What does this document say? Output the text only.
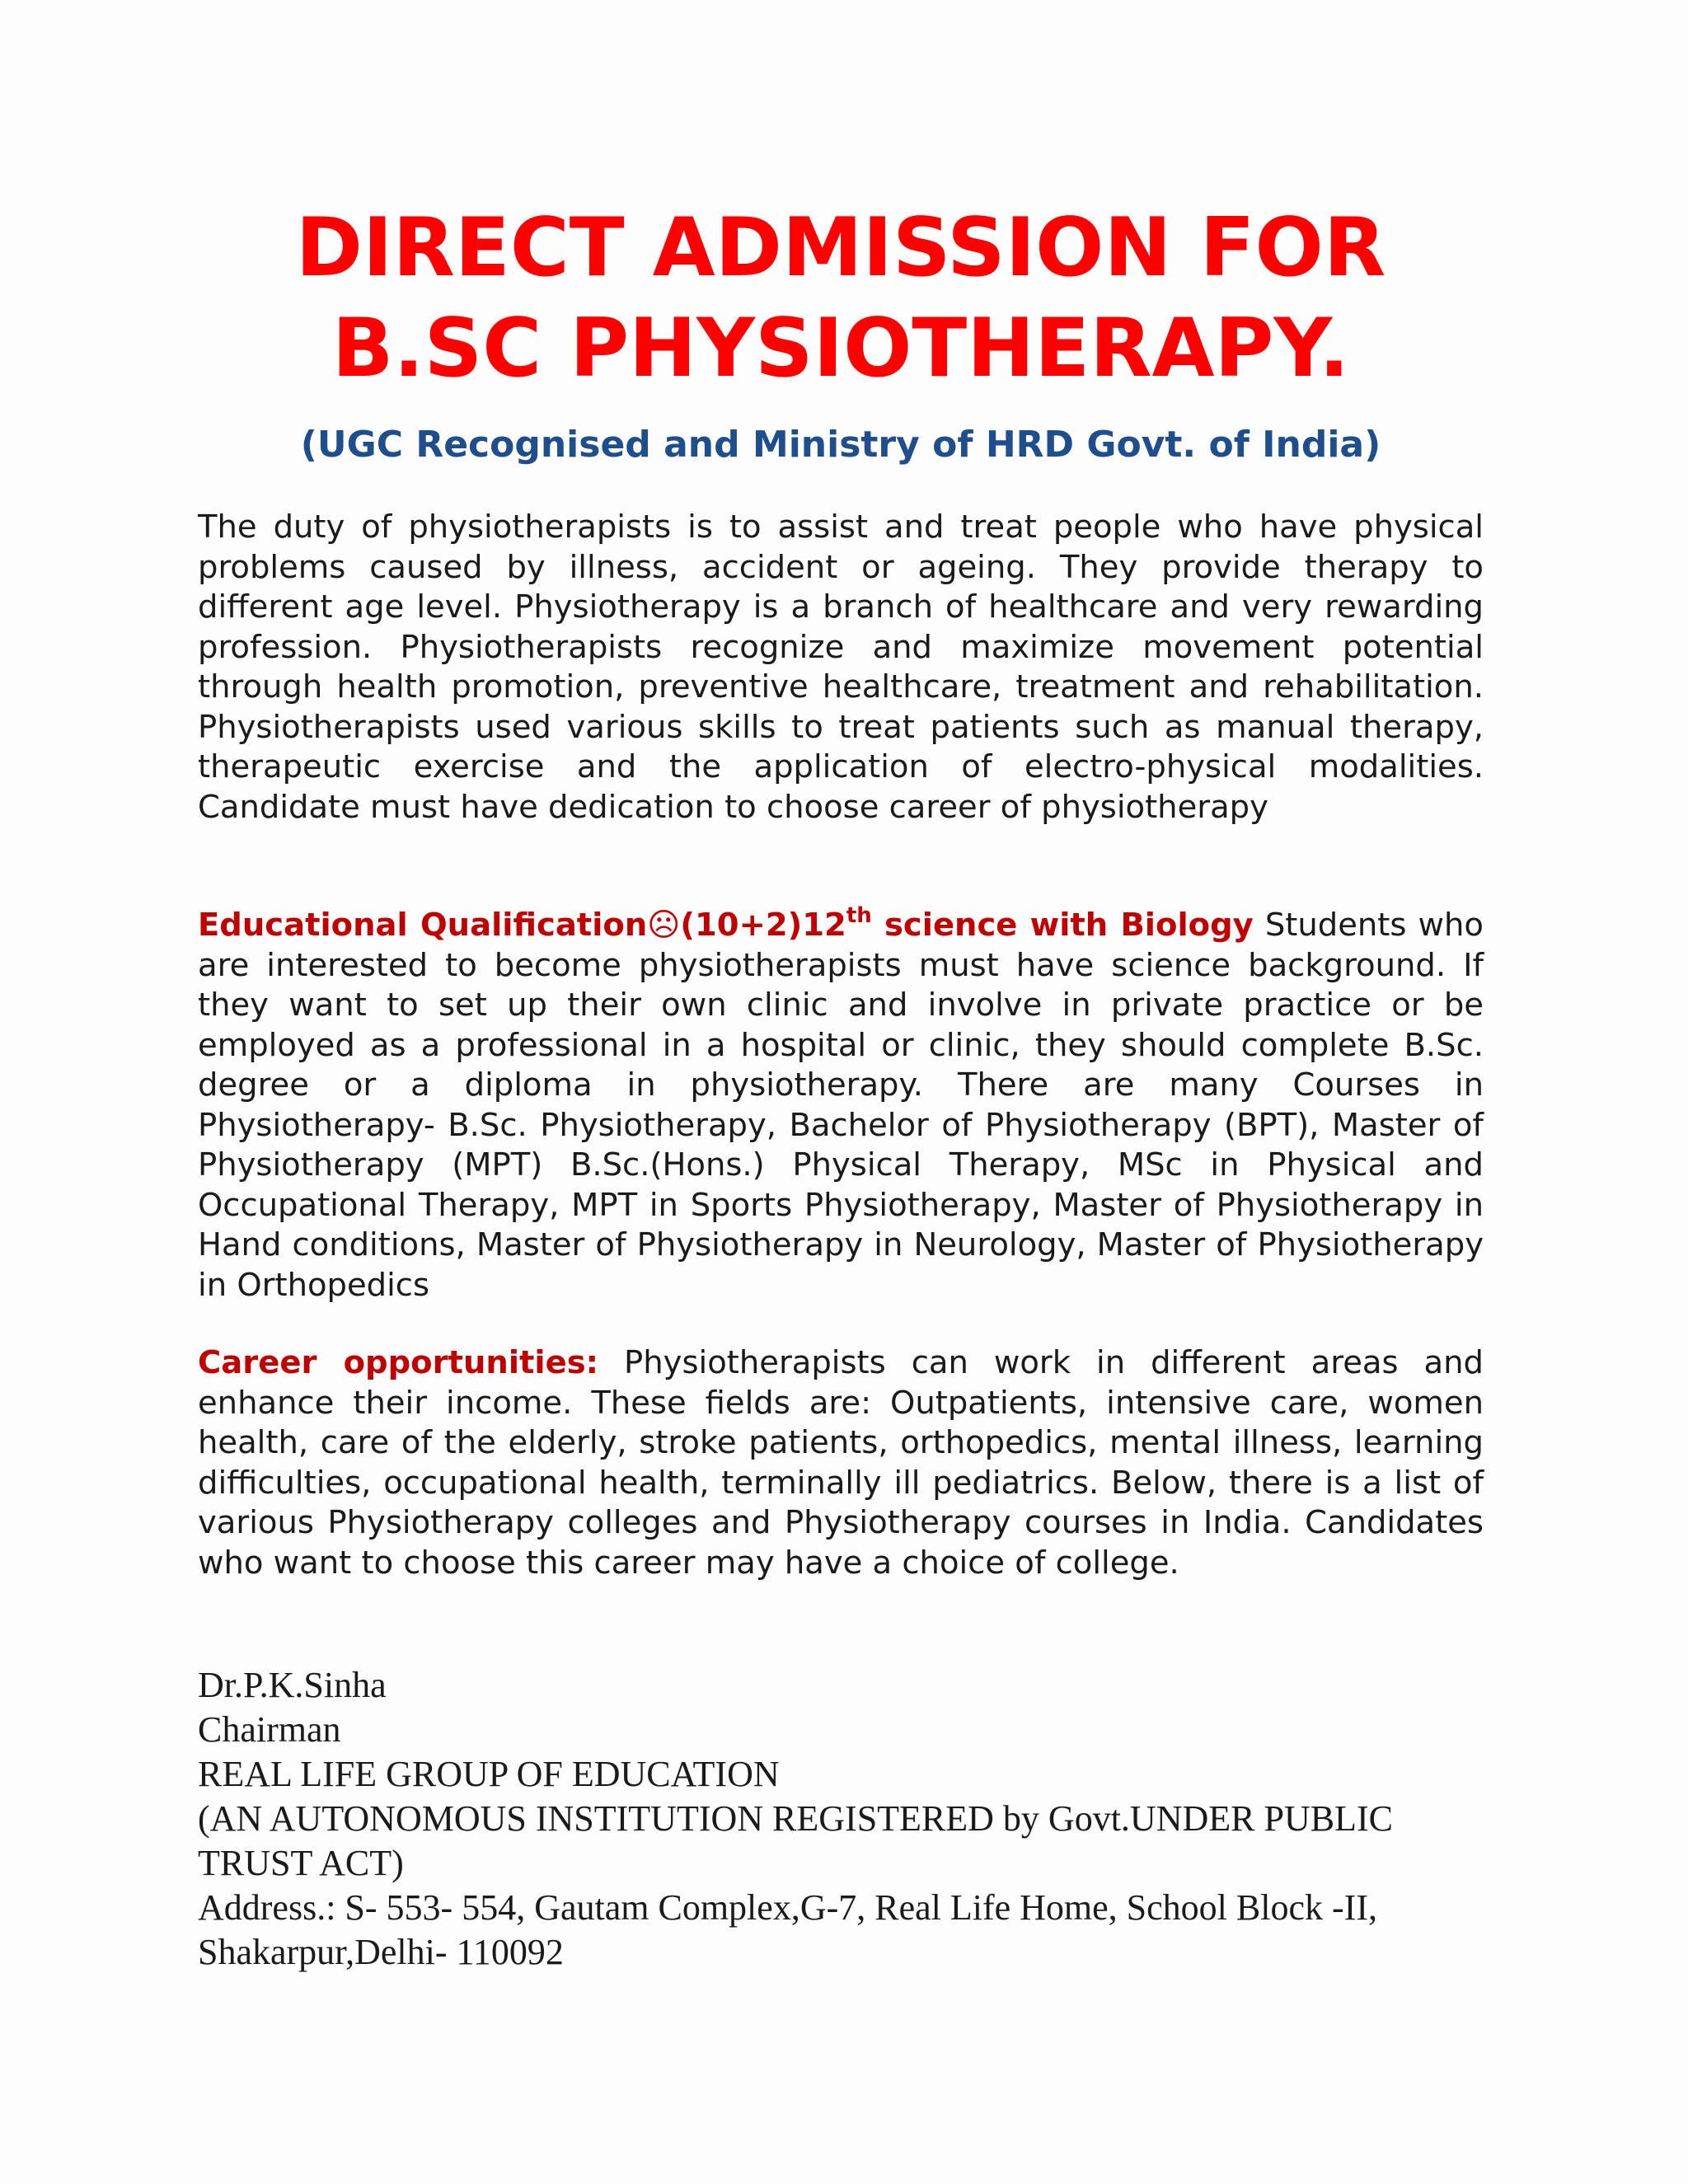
DIRECT ADMISSION FOR
B.SC PHYSIOTHERAPY.

(UGC Recognised and Ministry of HRD Govt. of India)

The duty of physiotherapists is to assist and treat people who have physical problems caused by illness, accident or ageing. They provide therapy to different age level. Physiotherapy is a branch of healthcare and very rewarding profession. Physiotherapists recognize and maximize movement potential through health promotion, preventive healthcare, treatment and rehabilitation. Physiotherapists used various skills to treat patients such as manual therapy, therapeutic exercise and the application of electro-physical modalities. Candidate must have dedication to choose career of physiotherapy

Educational Qualification☹(10+2)12th science with Biology Students who are interested to become physiotherapists must have science background. If they want to set up their own clinic and involve in private practice or be employed as a professional in a hospital or clinic, they should complete B.Sc. degree or a diploma in physiotherapy. There are many Courses in Physiotherapy- B.Sc. Physiotherapy, Bachelor of Physiotherapy (BPT), Master of Physiotherapy (MPT) B.Sc.(Hons.) Physical Therapy, MSc in Physical and Occupational Therapy, MPT in Sports Physiotherapy, Master of Physiotherapy in Hand conditions, Master of Physiotherapy in Neurology, Master of Physiotherapy in Orthopedics

Career opportunities: Physiotherapists can work in different areas and enhance their income. These fields are: Outpatients, intensive care, women health, care of the elderly, stroke patients, orthopedics, mental illness, learning difficulties, occupational health, terminally ill pediatrics. Below, there is a list of various Physiotherapy colleges and Physiotherapy courses in India. Candidates who want to choose this career may have a choice of college.

Dr.P.K.Sinha
Chairman
REAL LIFE GROUP OF EDUCATION
(AN AUTONOMOUS INSTITUTION REGISTERED by Govt.UNDER PUBLIC
TRUST ACT)
Address.: S- 553- 554, Gautam Complex,G-7, Real Life Home, School Block -II,
Shakarpur,Delhi- 110092
